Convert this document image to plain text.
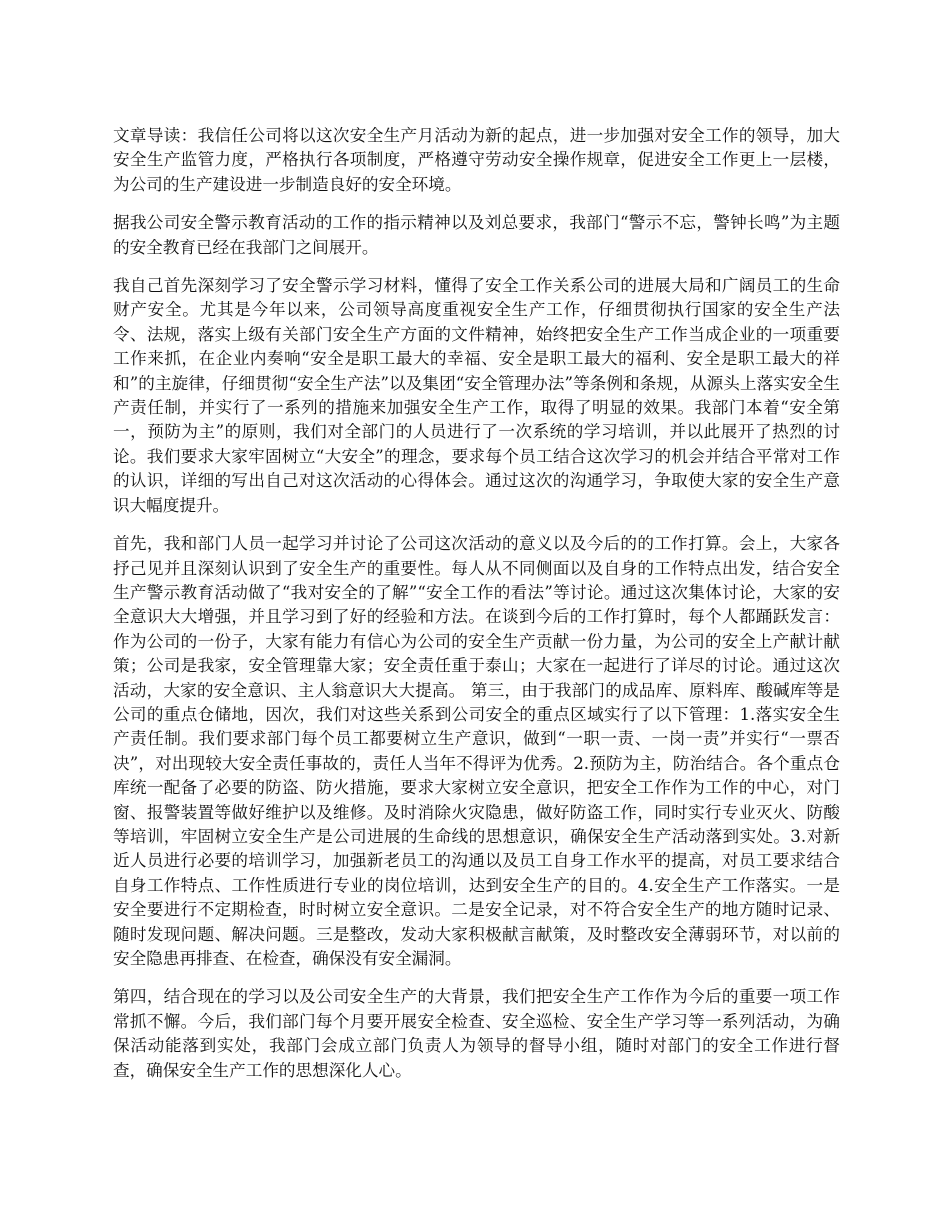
文章导读：我信任公司将以这次安全生产月活动为新的起点，进一步加强对安全工作的领导，加大安全生产监管力度，严格执行各项制度，严格遵守劳动安全操作规章，促进安全工作更上一层楼，为公司的生产建设进一步制造良好的安全环境。

据我公司安全警示教育活动的工作的指示精神以及刘总要求，我部门“警示不忘，警钟长鸣”为主题的安全教育已经在我部门之间展开。

我自己首先深刻学习了安全警示学习材料，懂得了安全工作关系公司的进展大局和广阔员工的生命财产安全。尤其是今年以来，公司领导高度重视安全生产工作，仔细贯彻执行国家的安全生产法令、法规，落实上级有关部门安全生产方面的文件精神，始终把安全生产工作当成企业的一项重要工作来抓，在企业内奏响“安全是职工最大的幸福、安全是职工最大的福利、安全是职工最大的祥和”的主旋律，仔细贯彻“安全生产法”以及集团“安全管理办法”等条例和条规，从源头上落实安全生产责任制，并实行了一系列的措施来加强安全生产工作，取得了明显的效果。我部门本着“安全第一，预防为主”的原则，我们对全部门的人员进行了一次系统的学习培训，并以此展开了热烈的讨论。我们要求大家牢固树立“大安全”的理念，要求每个员工结合这次学习的机会并结合平常对工作的认识，详细的写出自己对这次活动的心得体会。通过这次的沟通学习，争取使大家的安全生产意识大幅度提升。

首先，我和部门人员一起学习并讨论了公司这次活动的意义以及今后的的工作打算。会上，大家各抒己见并且深刻认识到了安全生产的重要性。每人从不同侧面以及自身的工作特点出发，结合安全生产警示教育活动做了“我对安全的了解”“安全工作的看法”等讨论。通过这次集体讨论，大家的安全意识大大增强，并且学习到了好的经验和方法。在谈到今后的工作打算时，每个人都踊跃发言：作为公司的一份子，大家有能力有信心为公司的安全生产贡献一份力量，为公司的安全上产献计献策；公司是我家，安全管理靠大家；安全责任重于泰山；大家在一起进行了详尽的讨论。通过这次活动，大家的安全意识、主人翁意识大大提高。 第三，由于我部门的成品库、原料库、酸碱库等是公司的重点仓储地，因次，我们对这些关系到公司安全的重点区域实行了以下管理：1.落实安全生产责任制。我们要求部门每个员工都要树立生产意识，做到“一职一责、一岗一责”并实行“一票否决”，对出现较大安全责任事故的，责任人当年不得评为优秀。2.预防为主，防治结合。各个重点仓库统一配备了必要的防盗、防火措施，要求大家树立安全意识，把安全工作作为工作的中心，对门窗、报警装置等做好维护以及维修。及时消除火灾隐患，做好防盗工作，同时实行专业灭火、防酸等培训，牢固树立安全生产是公司进展的生命线的思想意识，确保安全生产活动落到实处。3.对新近人员进行必要的培训学习，加强新老员工的沟通以及员工自身工作水平的提高，对员工要求结合自身工作特点、工作性质进行专业的岗位培训，达到安全生产的目的。4.安全生产工作落实。一是安全要进行不定期检查，时时树立安全意识。二是安全记录，对不符合安全生产的地方随时记录、随时发现问题、解决问题。三是整改，发动大家积极献言献策，及时整改安全薄弱环节，对以前的安全隐患再排查、在检查，确保没有安全漏洞。

第四，结合现在的学习以及公司安全生产的大背景，我们把安全生产工作作为今后的重要一项工作常抓不懈。今后，我们部门每个月要开展安全检查、安全巡检、安全生产学习等一系列活动，为确保活动能落到实处，我部门会成立部门负责人为领导的督导小组，随时对部门的安全工作进行督查，确保安全生产工作的思想深化人心。
